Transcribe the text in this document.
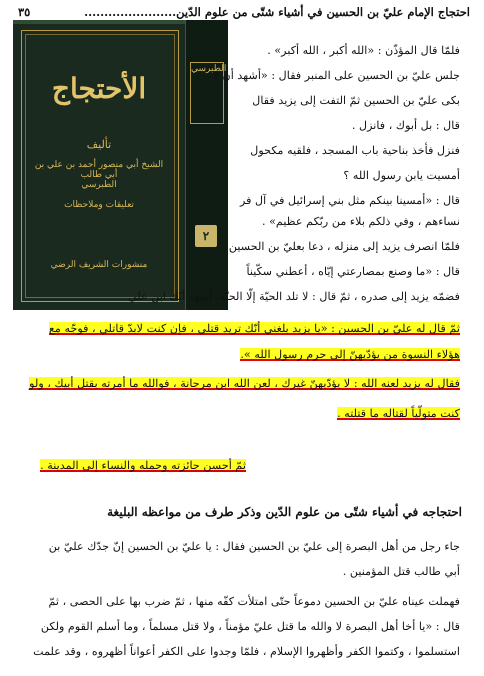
احتجاج الإمام عليّ بن الحسين في أشياء شتّى من علوم الدّين.......................
٣٥
الأحتجاج
تأليف
الشيخ أبي منصور أحمد بن علي بن أبي طالب
الطبرسي
تعليقات وملاحظات
منشورات الشريف الرضي
الطبرسي
٢
فلمّا قال المؤذّن : «الله أكبر ، الله أكبر» .
جلس عليّ بن الحسين على المنبر فقال : «أشهد أن لا
بكى عليّ بن الحسين ثمّ التفت إلى يزيد فقال
قال : بل أبوك ، فانزل .
فنزل فأخذ بناحية باب المسجد ، فلقيه مكحول
أمسيت يابن رسول الله ؟
قال : «أمسينا بينكم مثل بني إسرائيل في آل فر
نساءهم ، وفي ذلكم بلاء من ربّكم عظيم» .
فلمّا انصرف يزيد إلى منزله ، دعا بعليّ بن الحسين
قال : «ما وصنع بمصارعتي إيّاه ، أعطني سكّيناً
فضمّه يزيد إلى صدره ، ثمّ قال : لا تلد الحيّة إلّا الحيّة، أشهد أنّك ابن علي
ثمّ قال له عليّ بن الحسين : «يا يزيد بلغني أنّك تريد قتلي ، فإن كنت لابدّ قاتلي ، فوجّه مع
هؤلاء النسوة من يؤدّيهنّ إلى حرم رسول الله ».
فقال له يزيد لعنه الله : لا يؤدّيهنّ غيرك ، لعن الله ابن مرجانة ، فوالله ما أمرته بقتل أبيك ، ولو
كنت متولّياً لقتاله ما قتلته .
ثمّ أحسن جائزته وحمله والنساء إلى المدينة .
احتجاجه في أشياء شتّى من علوم الدّين وذكر طرف من مواعظه البليغة
جاء رجل من أهل البصرة إلى عليّ بن الحسين فقال : يا عليّ بن الحسين إنّ جدّك عليّ بن
أبي طالب قتل المؤمنين .
فهملت عيناه عليّ بن الحسين دموعاً حتّى امتلأت كفّه منها ، ثمّ ضرب بها على الحصى ، ثمّ
قال : «يا أخا أهل البصرة لا والله ما قتل عليّ مؤمناً ، ولا قتل مسلماً ، وما أسلم القوم ولكن
استسلموا ، وكتموا الكفر وأظهروا الإسلام ، فلمّا وجدوا على الكفر أعواناً أظهروه ، وقد علمت
